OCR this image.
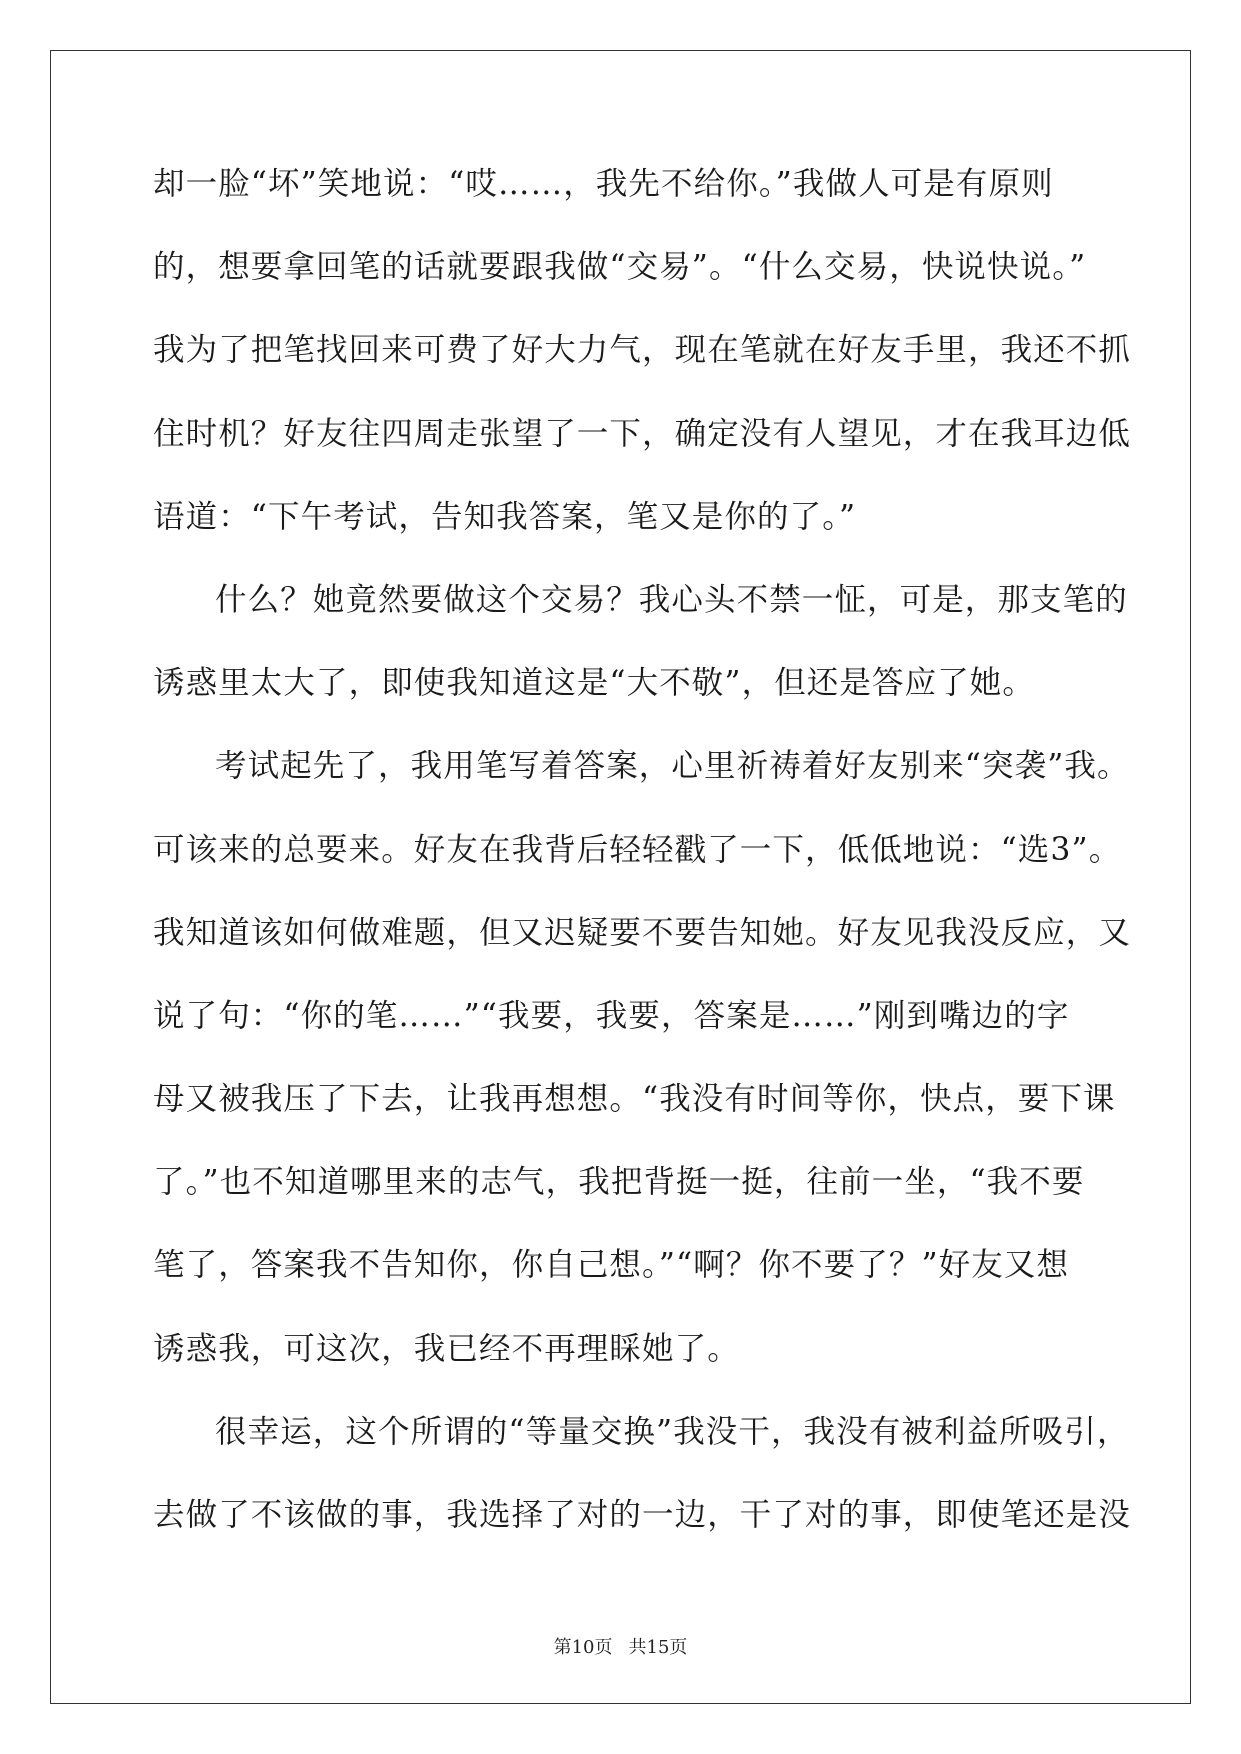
却一脸“坏”笑地说：“哎……，我先不给你。”我做人可是有原则
的，想要拿回笔的话就要跟我做“交易”。“什么交易，快说快说。”
我为了把笔找回来可费了好大力气，现在笔就在好友手里，我还不抓
住时机？好友往四周走张望了一下，确定没有人望见，才在我耳边低
语道：“下午考试，告知我答案，笔又是你的了。”
什么？她竟然要做这个交易？我心头不禁一怔，可是，那支笔的
诱惑里太大了，即使我知道这是“大不敬”，但还是答应了她。
考试起先了，我用笔写着答案，心里祈祷着好友别来“突袭”我。
可该来的总要来。好友在我背后轻轻戳了一下，低低地说：“选3”。
我知道该如何做难题，但又迟疑要不要告知她。好友见我没反应，又
说了句：“你的笔……”“我要，我要，答案是……”刚到嘴边的字
母又被我压了下去，让我再想想。“我没有时间等你，快点，要下课
了。”也不知道哪里来的志气，我把背挺一挺，往前一坐，“我不要
笔了，答案我不告知你，你自己想。”“啊？你不要了？”好友又想
诱惑我，可这次，我已经不再理睬她了。
很幸运，这个所谓的“等量交换”我没干，我没有被利益所吸引，
去做了不该做的事，我选择了对的一边，干了对的事，即使笔还是没
第10页 共15页
